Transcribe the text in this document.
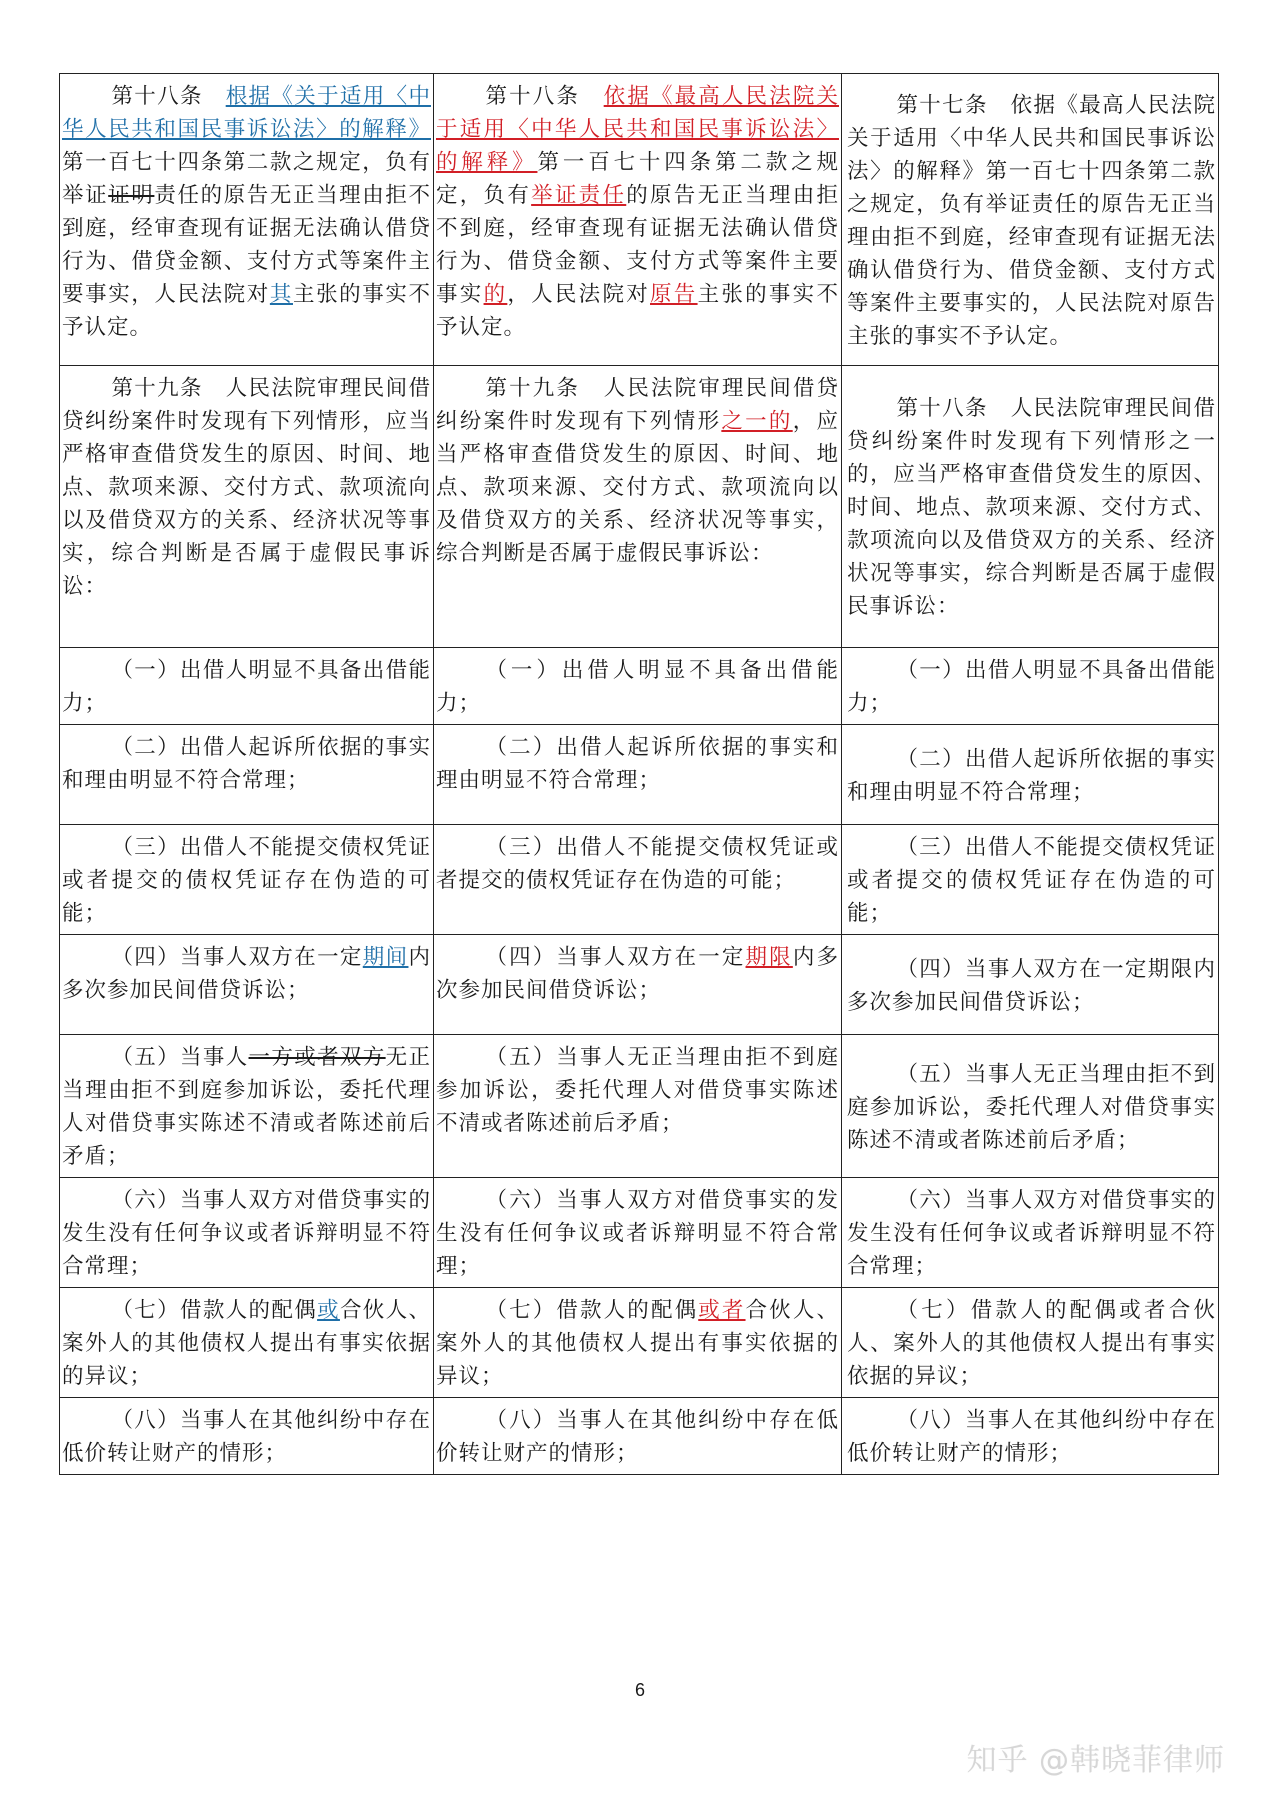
第十八条　根据《关于适用〈中华人民共和国民事诉讼法〉的解释》第一百七十四条第二款之规定，负有举证证明责任的原告无正当理由拒不到庭，经审查现有证据无法确认借贷行为、借贷金额、支付方式等案件主要事实，人民法院对其主张的事实不予认定。	第十八条　依据《最高人民法院关于适用〈中华人民共和国民事诉讼法〉的解释》第一百七十四条第二款之规定，负有举证责任的原告无正当理由拒不到庭，经审查现有证据无法确认借贷行为、借贷金额、支付方式等案件主要事实的，人民法院对原告主张的事实不予认定。	第十七条　依据《最高人民法院关于适用〈中华人民共和国民事诉讼法〉的解释》第一百七十四条第二款之规定，负有举证责任的原告无正当理由拒不到庭，经审查现有证据无法确认借贷行为、借贷金额、支付方式等案件主要事实的，人民法院对原告主张的事实不予认定。
第十九条　人民法院审理民间借贷纠纷案件时发现有下列情形，应当严格审查借贷发生的原因、时间、地点、款项来源、交付方式、款项流向以及借贷双方的关系、经济状况等事实，综合判断是否属于虚假民事诉讼：	第十九条　人民法院审理民间借贷纠纷案件时发现有下列情形之一的，应当严格审查借贷发生的原因、时间、地点、款项来源、交付方式、款项流向以及借贷双方的关系、经济状况等事实，综合判断是否属于虚假民事诉讼：	第十八条　人民法院审理民间借贷纠纷案件时发现有下列情形之一的，应当严格审查借贷发生的原因、时间、地点、款项来源、交付方式、款项流向以及借贷双方的关系、经济状况等事实，综合判断是否属于虚假民事诉讼：
（一）出借人明显不具备出借能力；	（一）出借人明显不具备出借能力；	（一）出借人明显不具备出借能力；
（二）出借人起诉所依据的事实和理由明显不符合常理；	（二）出借人起诉所依据的事实和理由明显不符合常理；	（二）出借人起诉所依据的事实和理由明显不符合常理；
（三）出借人不能提交债权凭证或者提交的债权凭证存在伪造的可能；	（三）出借人不能提交债权凭证或者提交的债权凭证存在伪造的可能；	（三）出借人不能提交债权凭证或者提交的债权凭证存在伪造的可能；
（四）当事人双方在一定期间内多次参加民间借贷诉讼；	（四）当事人双方在一定期限内多次参加民间借贷诉讼；	（四）当事人双方在一定期限内多次参加民间借贷诉讼；
（五）当事人一方或者双方无正当理由拒不到庭参加诉讼，委托代理人对借贷事实陈述不清或者陈述前后矛盾；	（五）当事人无正当理由拒不到庭参加诉讼，委托代理人对借贷事实陈述不清或者陈述前后矛盾；	（五）当事人无正当理由拒不到庭参加诉讼，委托代理人对借贷事实陈述不清或者陈述前后矛盾；
（六）当事人双方对借贷事实的发生没有任何争议或者诉辩明显不符合常理；	（六）当事人双方对借贷事实的发生没有任何争议或者诉辩明显不符合常理；	（六）当事人双方对借贷事实的发生没有任何争议或者诉辩明显不符合常理；
（七）借款人的配偶或合伙人、案外人的其他债权人提出有事实依据的异议；	（七）借款人的配偶或者合伙人、案外人的其他债权人提出有事实依据的异议；	（七）借款人的配偶或者合伙人、案外人的其他债权人提出有事实依据的异议；
（八）当事人在其他纠纷中存在低价转让财产的情形；	（八）当事人在其他纠纷中存在低价转让财产的情形；	（八）当事人在其他纠纷中存在低价转让财产的情形；
6
知乎 @韩晓菲律师
